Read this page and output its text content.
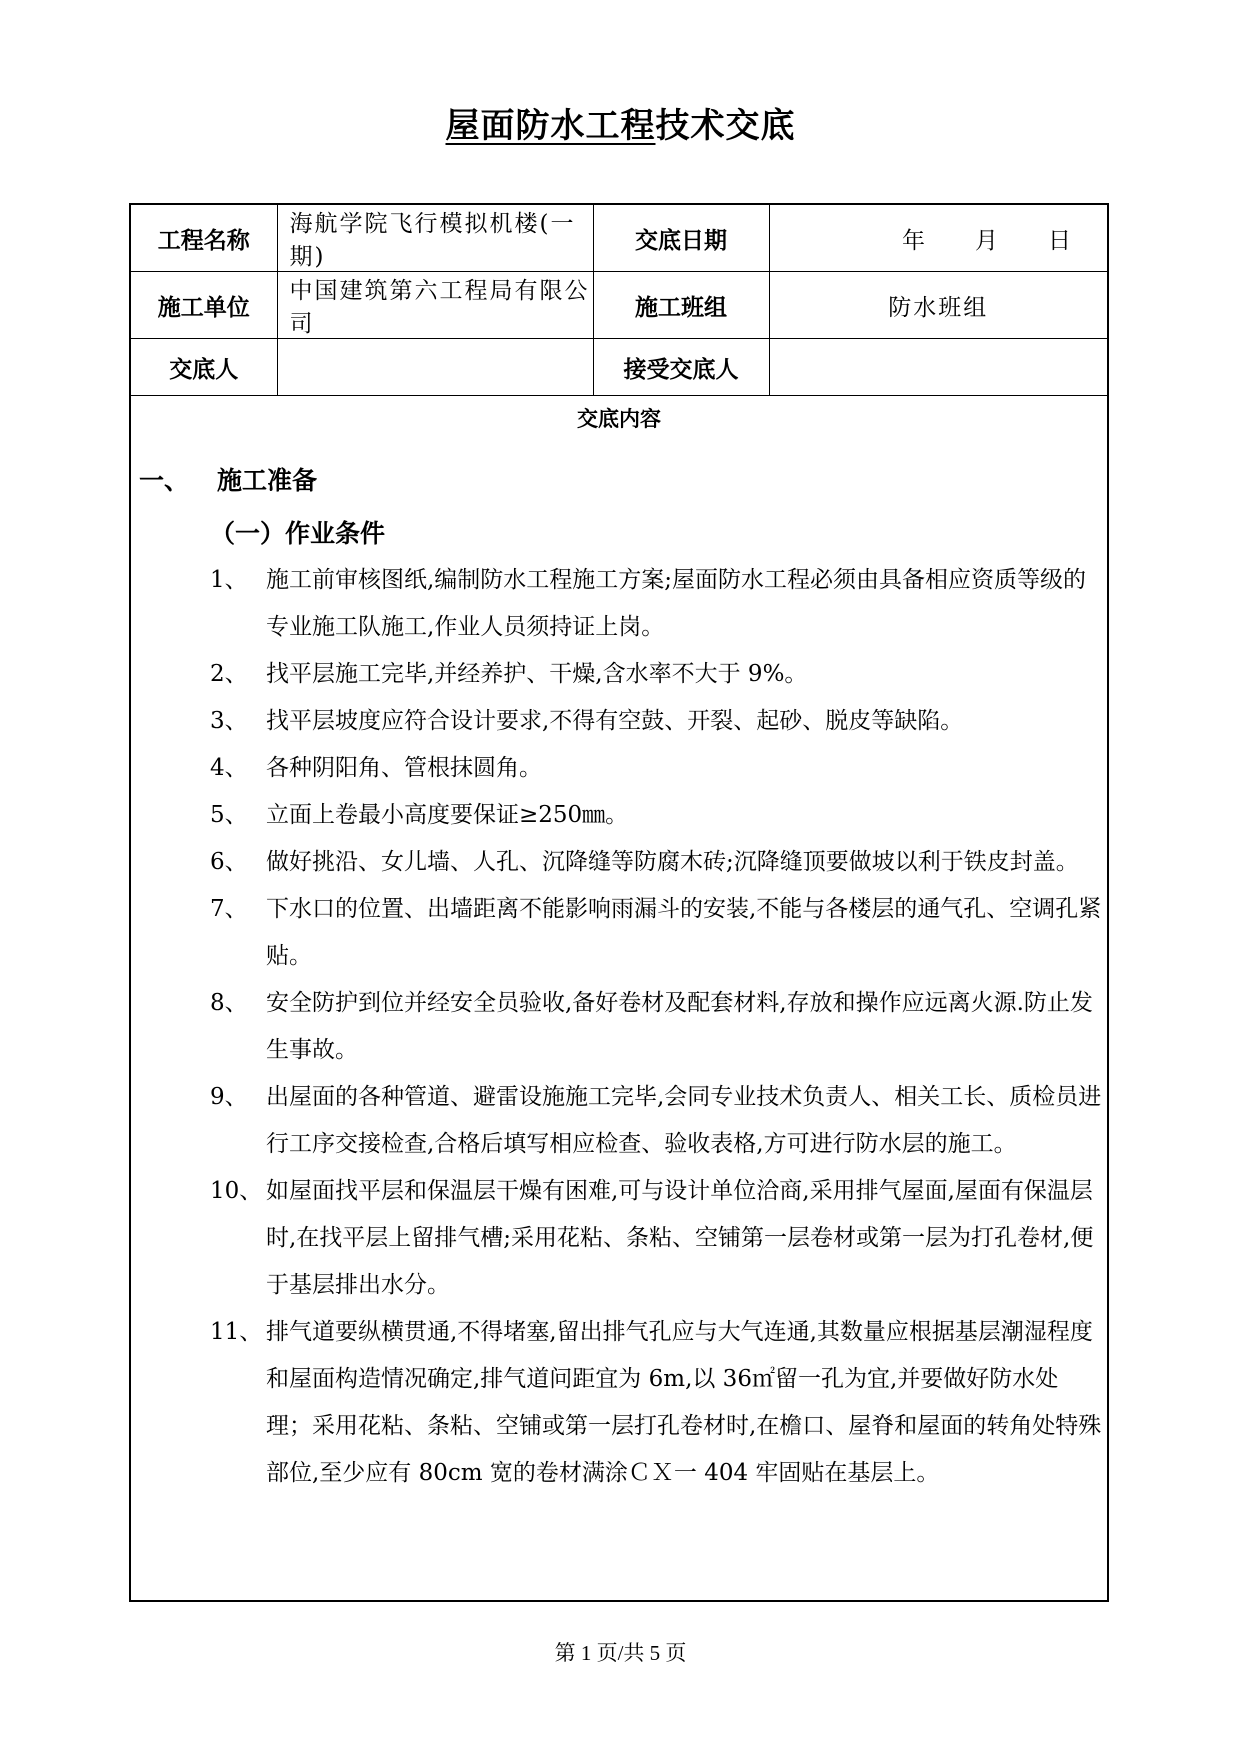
屋面防水工程技术交底
工程名称	海航学院飞行模拟机楼(一期)	交底日期	年 月 日
施工单位	中国建筑第六工程局有限公司	施工班组	防水班组
交底人		接受交底人	
交底内容
一、 施工准备
（一）作业条件
1、 施工前审核图纸,编制防水工程施工方案;屋面防水工程必须由具备相应资质等级的专业施工队施工,作业人员须持证上岗。
2、 找平层施工完毕,并经养护、干燥,含水率不大于 9%。
3、 找平层坡度应符合设计要求,不得有空鼓、开裂、起砂、脱皮等缺陷。
4、 各种阴阳角、管根抹圆角。
5、 立面上卷最小高度要保证≥250㎜。
6、 做好挑沿、女儿墙、人孔、沉降缝等防腐木砖;沉降缝顶要做坡以利于铁皮封盖。
7、 下水口的位置、出墙距离不能影响雨漏斗的安装,不能与各楼层的通气孔、空调孔紧贴。
8、 安全防护到位并经安全员验收,备好卷材及配套材料,存放和操作应远离火源.防止发生事故。
9、 出屋面的各种管道、避雷设施施工完毕,会同专业技术负责人、相关工长、质检员进行工序交接检查,合格后填写相应检查、验收表格,方可进行防水层的施工。
10、 如屋面找平层和保温层干燥有困难,可与设计单位洽商,采用排气屋面,屋面有保温层时,在找平层上留排气槽;采用花粘、条粘、空铺第一层卷材或第一层为打孔卷材,便于基层排出水分。
11、 排气道要纵横贯通,不得堵塞,留出排气孔应与大气连通,其数量应根据基层潮湿程度和屋面构造情况确定,排气道问距宜为 6m,以 36㎡留一孔为宜,并要做好防水处理；采用花粘、条粘、空铺或第一层打孔卷材时,在檐口、屋脊和屋面的转角处特殊部位,至少应有 80cm 宽的卷材满涂ＣＸ一 404 牢固贴在基层上。
第 1 页/共 5 页
